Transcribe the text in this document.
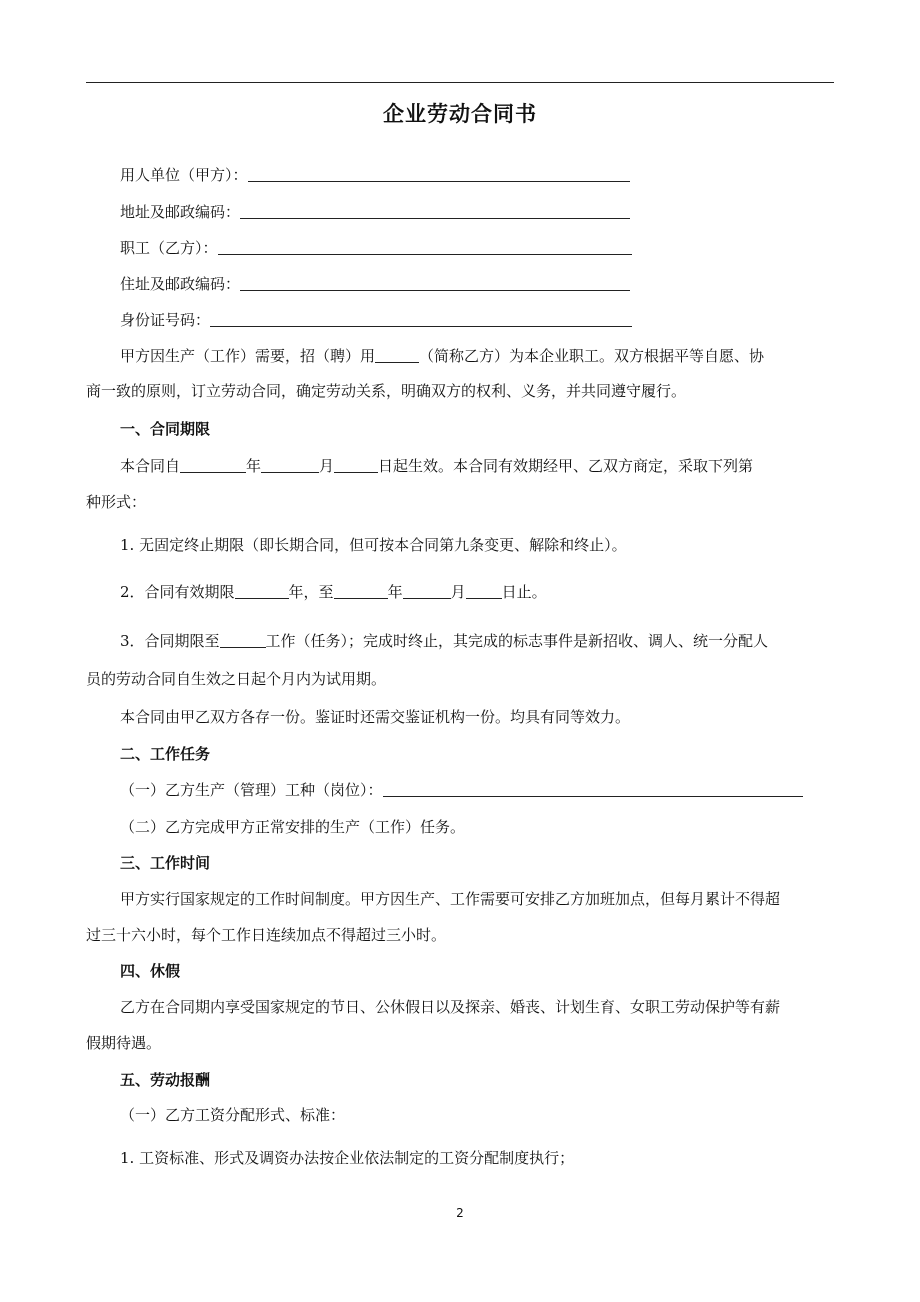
企业劳动合同书
用人单位（甲方）：
地址及邮政编码：
职工（乙方）：
住址及邮政编码：
身份证号码：
甲方因生产（工作）需要，招（聘）用	（简称乙方）为本企业职工。双方根据平等自愿、协
商一致的原则，订立劳动合同，确定劳动关系，明确双方的权利、义务，并共同遵守履行。
一、合同期限
本合同自	年	月	日起生效。本合同有效期经甲、乙双方商定，采取下列第
种形式：
1. 无固定终止期限（即长期合同，但可按本合同第九条变更、解除和终止）。
2．合同有效期限	年，至	年	月 日止。
3．合同期限至	工作（任务）；完成时终止，其完成的标志事件是新招收、调人、统一分配人
员的劳动合同自生效之日起个月内为试用期。
本合同由甲乙双方各存一份。鉴证时还需交鉴证机构一份。均具有同等效力。
二、工作任务
（一）乙方生产（管理）工种（岗位）：
（二）乙方完成甲方正常安排的生产（工作）任务。
三、工作时间
甲方实行国家规定的工作时间制度。甲方因生产、工作需要可安排乙方加班加点，但每月累计不得超
过三十六小时，每个工作日连续加点不得超过三小时。
四、休假
乙方在合同期内享受国家规定的节日、公休假日以及探亲、婚丧、计划生育、女职工劳动保护等有薪
假期待遇。
五、劳动报酬
（一）乙方工资分配形式、标准：
1. 工资标准、形式及调资办法按企业依法制定的工资分配制度执行；
2
